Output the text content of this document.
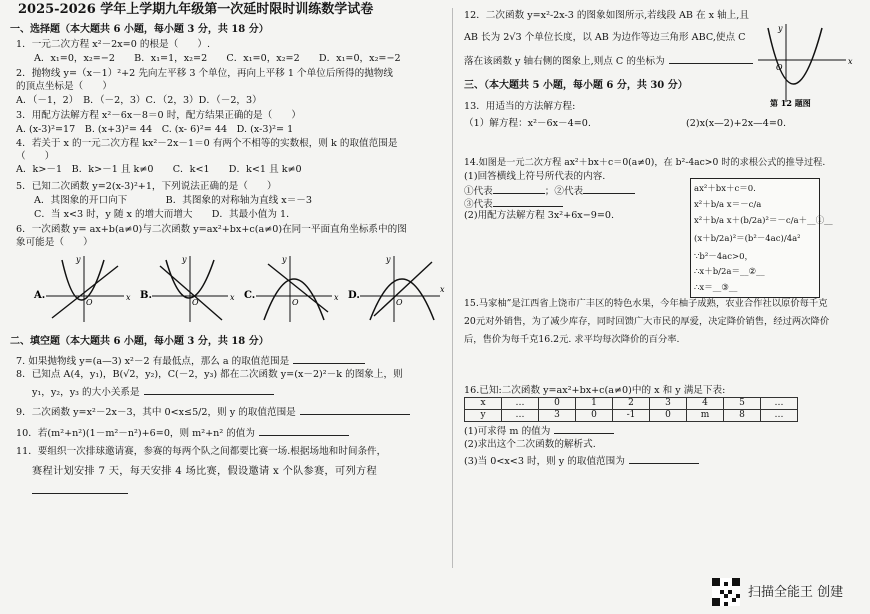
2025-2026 学年上学期九年级第一次延时限时训练数学试卷
一、选择题（本大题共 6 小题，每小题 3 分，共 18 分）
1．一元二次方程 x²－2x=0 的根是（　　）.
A．x₁=0，x₂=−2　　B．x₁=1，x₂=2　　C．x₁=0，x₂=2　　D．x₁=0，x₂=−2
2．抛物线 y=（x－1）²+2 先向左平移 3 个单位，再向上平移 1 个单位后所得的抛物线
的顶点坐标是（　　）
A．（－1，2）　B．（－2，3）C．（2，3）D．（－2，3）
3．用配方法解方程 x²－6x－8＝0 时，配方结果正确的是（　　）
A. (x-3)²=17　B. (x+3)²= 44　C. (x- 6)²= 44　D. (x-3)²= 1
4．若关于 x 的一元二次方程 kx²－2x－1＝0 有两个不相等的实数根，则 k 的取值范围是
（　　）
A．k>－1　B．k>－1 且 k≠0　　C．k<1　　D．k<1 且 k≠0
5．已知二次函数 y=2(x-3)²+1，下列说法正确的是（　　）
A．其图象的开口向下　　　　B．其图象的对称轴为直线 x＝－3
C．当 x<3 时，y 随 x 的增大而增大　　D．其最小值为 1．
6．一次函数 y= ax+b(a≠0)与二次函数 y=ax²+bx+c(a≠0)在同一平面直角坐标系中的图
象可能是（　　）
A.	x
y
O
B.	x
y
O
C.	x
y
O
D.
x
y
O
二、填空题（本大题共 6 小题，每小题 3 分，共 18 分）
7. 如果抛物线 y=(a—3) x²－2 有最低点，那么 a 的取值范围是
8．已知点 A(4，y₁)，B(√2，y₂)，C(－2，y₃) 都在二次函数 y=(x－2)²－k 的图象上，则
y₁，y₂，y₃ 的大小关系是
9．二次函数 y=x²－2x－3，其中 0<x≤5/2，则 y 的取值范围是
10．若(m²+n²)(1－m²－n²)+6=0，则 m²+n² 的值为
11．要组织一次排球邀请赛，参赛的每两个队之间都要比赛一场.根据场地和时间条件，
赛程计划安排 7 天，每天安排 4 场比赛，假设邀请 x 个队参赛，可列方程
12．二次函数 y=x²-2x-3 的图象如图所示,若线段 AB 在 x 轴上,且
AB 长为 2√3 个单位长度，以 AB 为边作等边三角形 ABC,使点 C
落在该函数 y 轴右侧的图象上,则点 C 的坐标为	x
y
O
第 12 题图
三、（本大题共 5 小题，每小题 6 分，共 30 分）
13．用适当的方法解方程:
（1）解方程：x²－6x－4=0.	(2)x(x—2)+2x—4=0.
14.如图是一元二次方程 ax²＋bx＋c＝0(a≠0)，在 b²-4ac>0 时的求根公式的推导过程.
(1)回答横线上符号所代表的内容.
①代表	；②代表
③代表
(2)用配方法解方程 3x²+6x−9=0.
ax²＋bx＋c＝0.
x²＋b/a x＝－c/a
x²＋b/a x＋(b/2a)²＝－c/a＋__①__
(x＋b/2a)²＝(b²－4ac)/4a²
∵b²－4ac>0，
∴x＋b/2a＝__②__
∴x＝__③__
15.马家柚”是江西省上饶市广丰区的特色水果，今年柚子成熟，农业合作社以原价每千克
20元对外销售，为了减少库存，同时回馈广大市民的厚爱，决定降价销售，经过两次降价
后，售价为每千克16.2元. 求平均每次降价的百分率.
16.已知:二次函数 y=ax²+bx+c(a≠0)中的 x 和 y 满足下表:
x	…	0	1	2	3	4	5	…
y	…	3	0	-1	0	m	8	…
(1)可求得 m 的值为
(2)求出这个二次函数的解析式.
(3)当 0<x<3 时，则 y 的取值范围为
扫描全能王 创建
